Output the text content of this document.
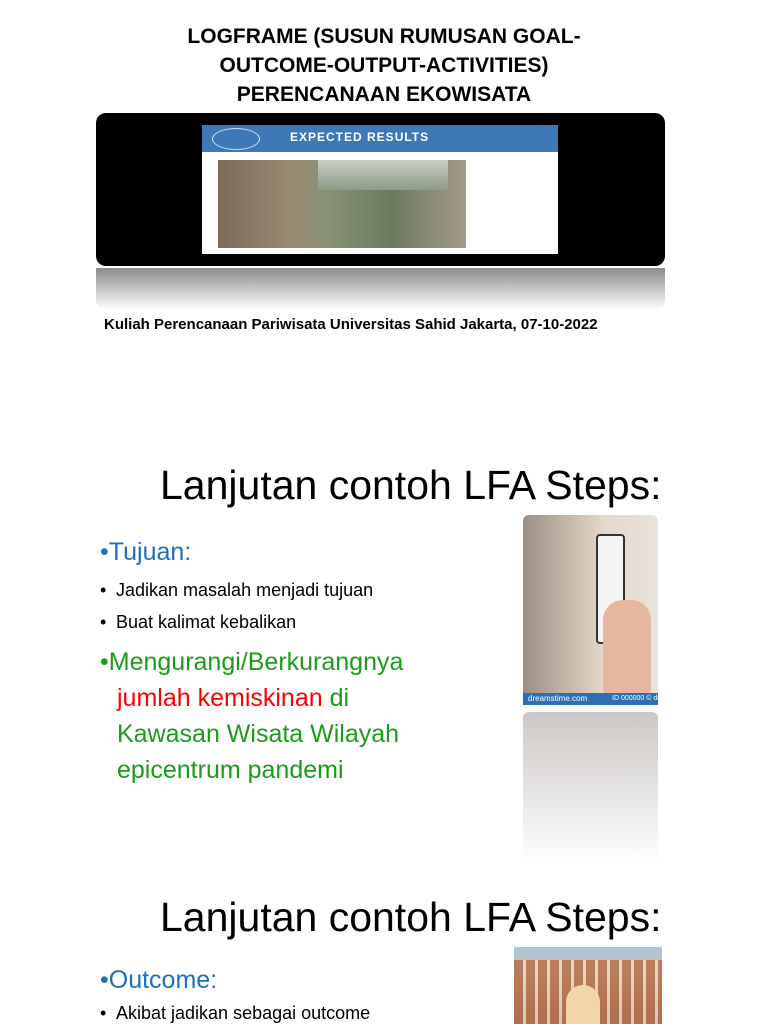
LOGFRAME (SUSUN RUMUSAN GOAL-
OUTCOME-OUTPUT-ACTIVITIES)
PERENCANAAN EKOWISATA
EXPECTED RESULTS
Kuliah Perencanaan Pariwisata Universitas Sahid Jakarta, 07-10-2022
Lanjutan contoh LFA Steps:
•Tujuan:
• Jadikan masalah menjadi tujuan
• Buat kalimat kebalikan
•Mengurangi/Berkurangnya
jumlah kemiskinan di
Kawasan Wisata Wilayah
epicentrum pandemi
dreamstime.com	ID 000000 © dreamstime
Lanjutan contoh LFA Steps:
•Outcome:
• Akibat jadikan sebagai outcome
